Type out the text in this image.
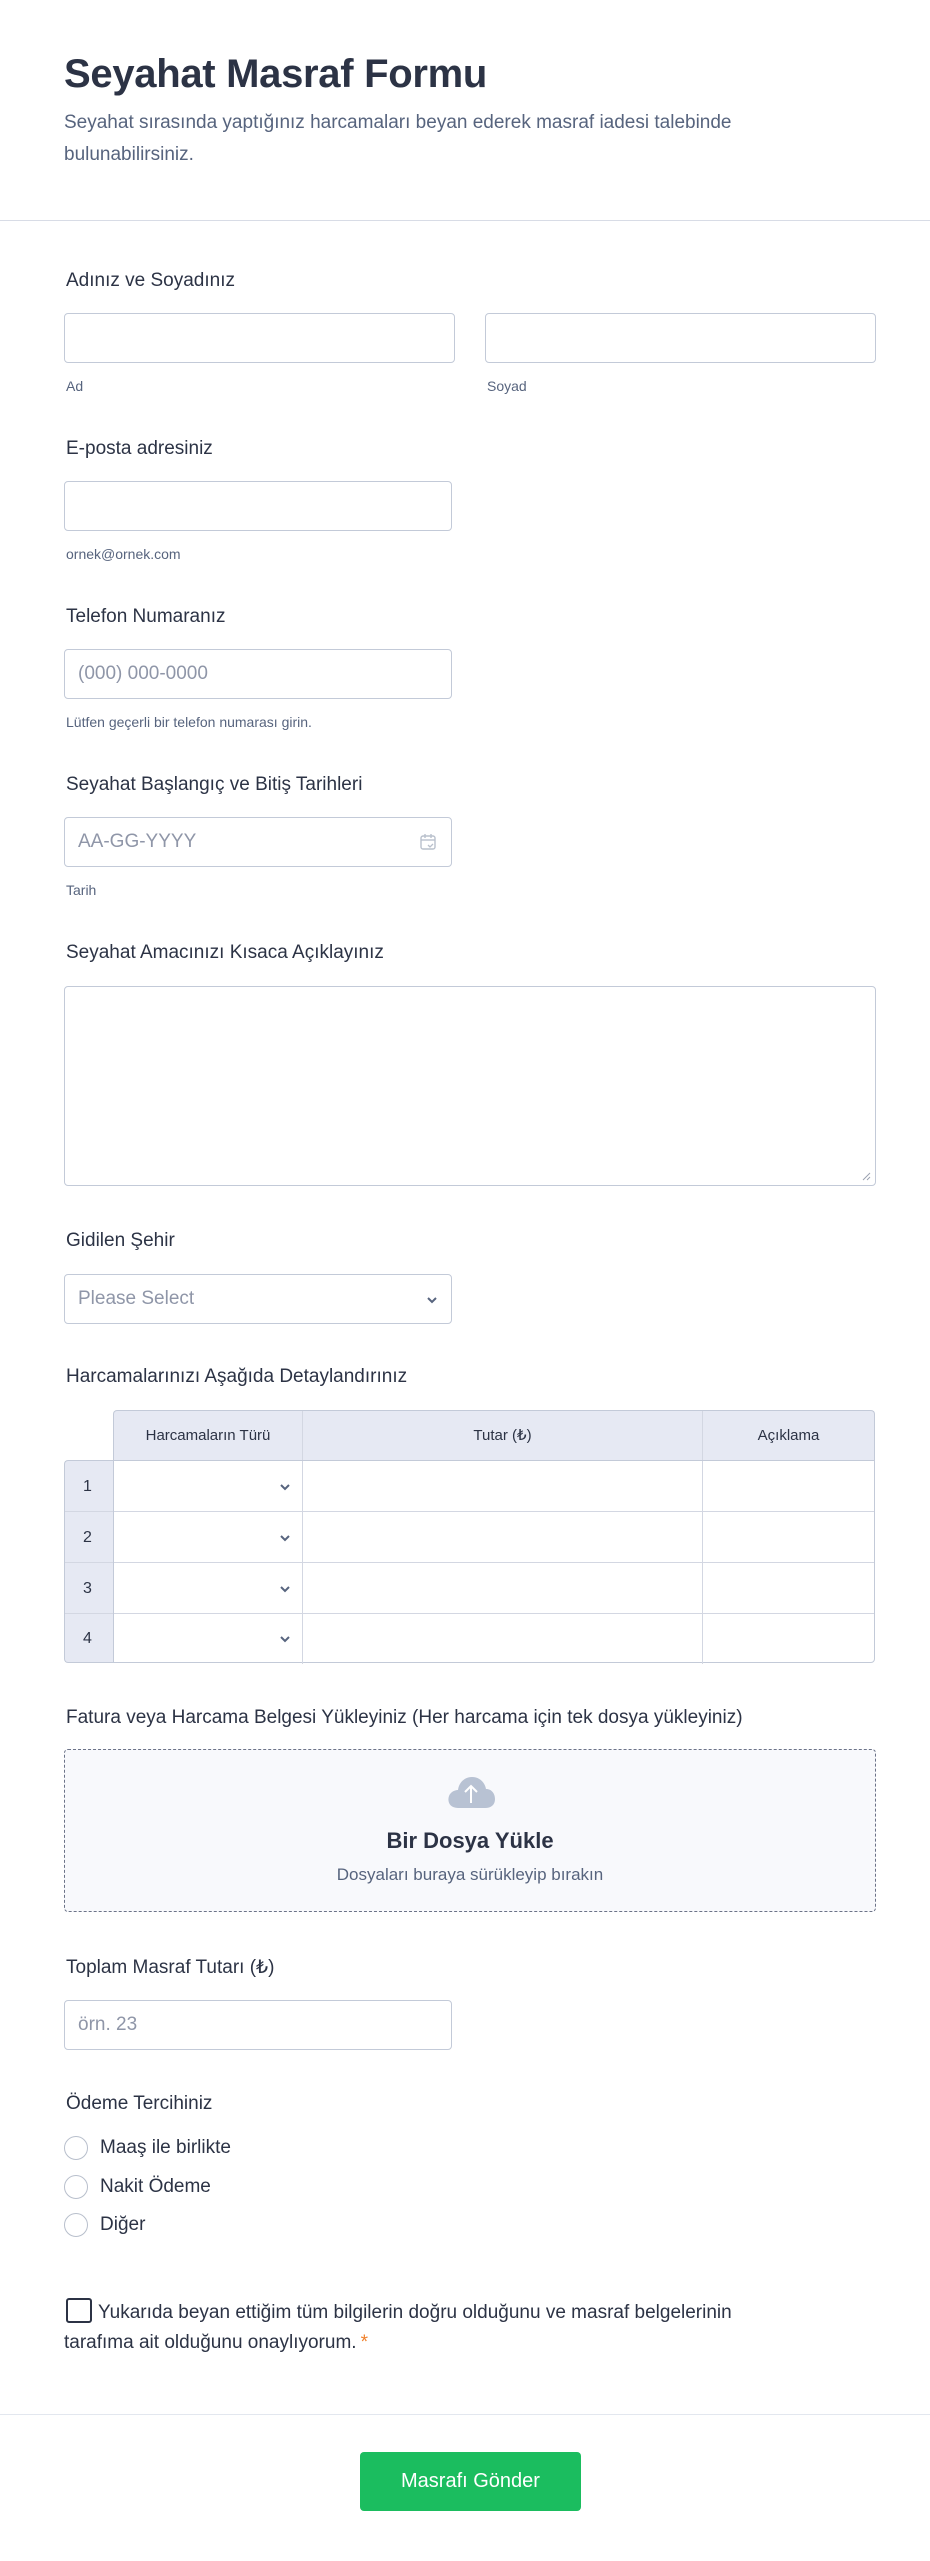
Seyahat Masraf Formu

Seyahat sırasında yaptığınız harcamaları beyan ederek masraf iadesi talebinde bulunabilirsiniz.

Adınız ve Soyadınız
Ad	Soyad
E-posta adresiniz
ornek@ornek.com
Telefon Numaranız
(000) 000-0000
Lütfen geçerli bir telefon numarası girin.
Seyahat Başlangıç ve Bitiş Tarihleri
AA-GG-YYYY
Tarih
Seyahat Amacınızı Kısaca Açıklayınız
Gidilen Şehir
Please Select
Harcamalarınızı Aşağıda Detaylandırınız
Harcamaların Türü	Tutar (₺)	Açıklama
1
2
3
4
Fatura veya Harcama Belgesi Yükleyiniz (Her harcama için tek dosya yükleyiniz)
Bir Dosya Yükle
Dosyaları buraya sürükleyip bırakın
Toplam Masraf Tutarı (₺)
örn. 23
Ödeme Tercihiniz
Maaş ile birlikte
Nakit Ödeme
Diğer
Yukarıda beyan ettiğim tüm bilgilerin doğru olduğunu ve masraf belgelerinin tarafıma ait olduğunu onaylıyorum. *
Masrafı Gönder
